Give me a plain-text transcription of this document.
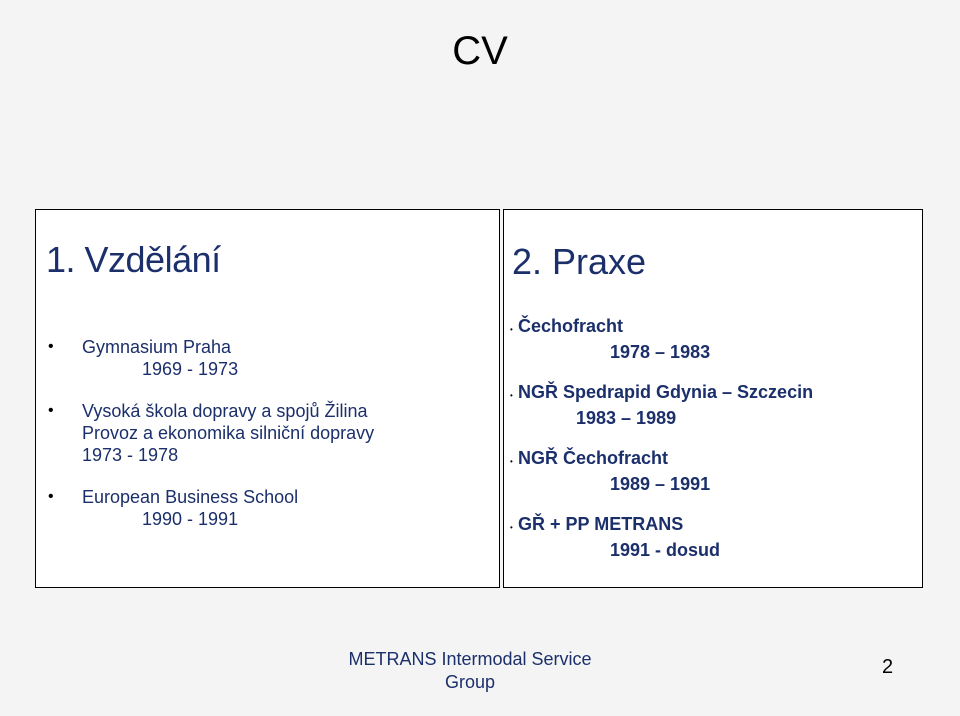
CV
1. Vzdělání
• Gymnasium Praha
1969 - 1973
• Vysoká škola dopravy a spojů Žilina
Provoz a ekonomika silniční dopravy
1973 - 1978
• European Business School
1990 - 1991
2. Praxe
• Čechofracht
1978 – 1983
• NGŘ Spedrapid Gdynia – Szczecin
1983 – 1989
• NGŘ Čechofracht
1989 – 1991
• GŘ + PP METRANS
1991 - dosud
METRANS Intermodal Service
Group
2
